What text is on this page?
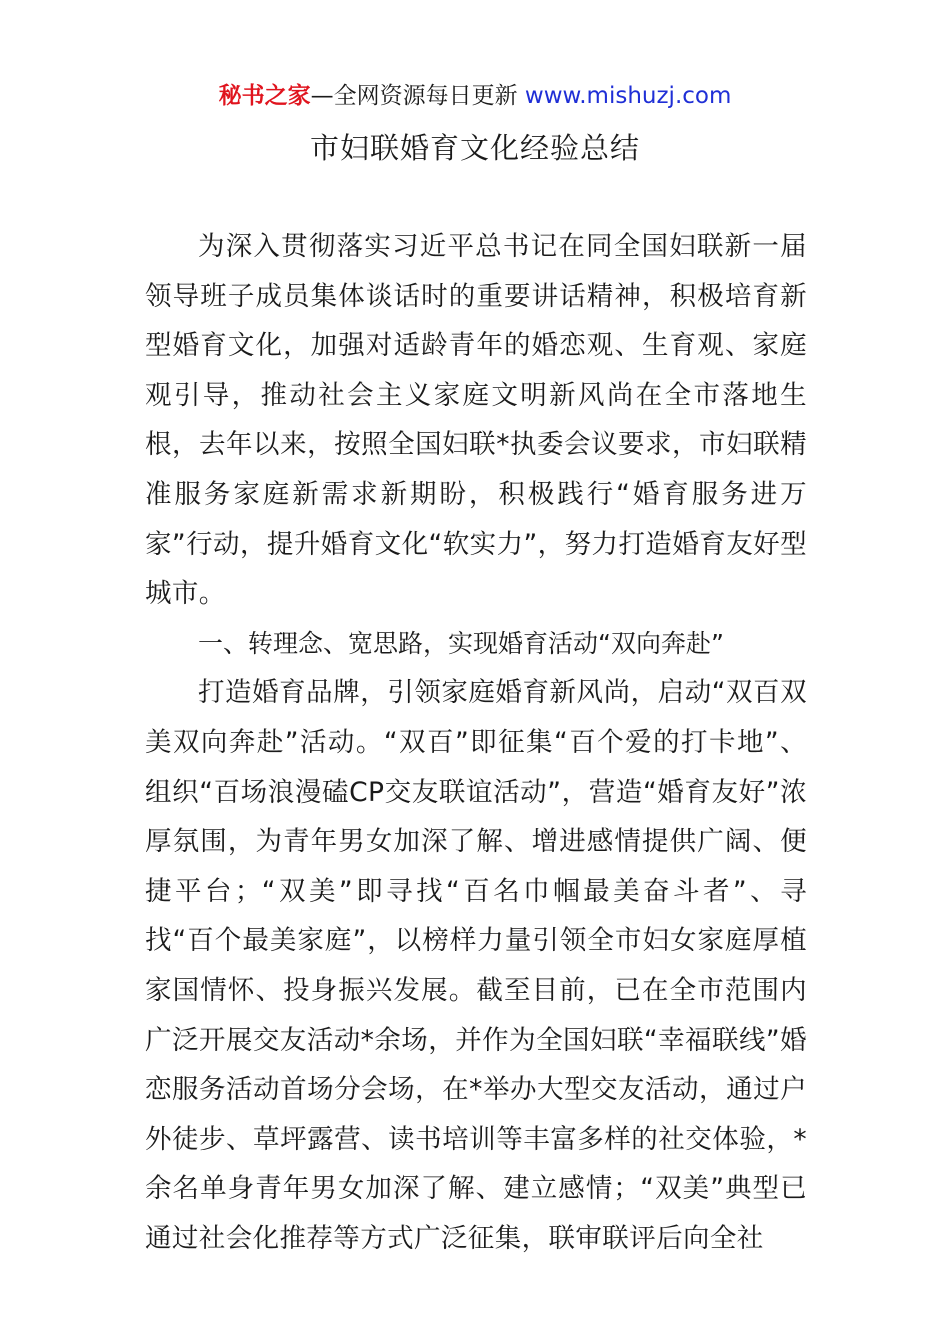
秘书之家—全网资源每日更新 www.mishuzj.com
市妇联婚育文化经验总结

为深入贯彻落实习近平总书记在同全国妇联新一届领导班子成员集体谈话时的重要讲话精神，积极培育新型婚育文化，加强对适龄青年的婚恋观、生育观、家庭观引导，推动社会主义家庭文明新风尚在全市落地生根，去年以来，按照全国妇联*执委会议要求，市妇联精准服务家庭新需求新期盼，积极践行“婚育服务进万家”行动，提升婚育文化“软实力”，努力打造婚育友好型城市。

一、转理念、宽思路，实现婚育活动“双向奔赴”

打造婚育品牌，引领家庭婚育新风尚，启动“双百双美双向奔赴”活动。“双百”即征集“百个爱的打卡地”、组织“百场浪漫磕CP交友联谊活动”，营造“婚育友好”浓厚氛围，为青年男女加深了解、增进感情提供广阔、便捷平台；“双美”即寻找“百名巾帼最美奋斗者”、寻找“百个最美家庭”，以榜样力量引领全市妇女家庭厚植家国情怀、投身振兴发展。截至目前，已在全市范围内广泛开展交友活动*余场，并作为全国妇联“幸福联线”婚恋服务活动首场分会场，在*举办大型交友活动，通过户外徒步、草坪露营、读书培训等丰富多样的社交体验，*余名单身青年男女加深了解、建立感情；“双美”典型已通过社会化推荐等方式广泛征集，联审联评后向全社
